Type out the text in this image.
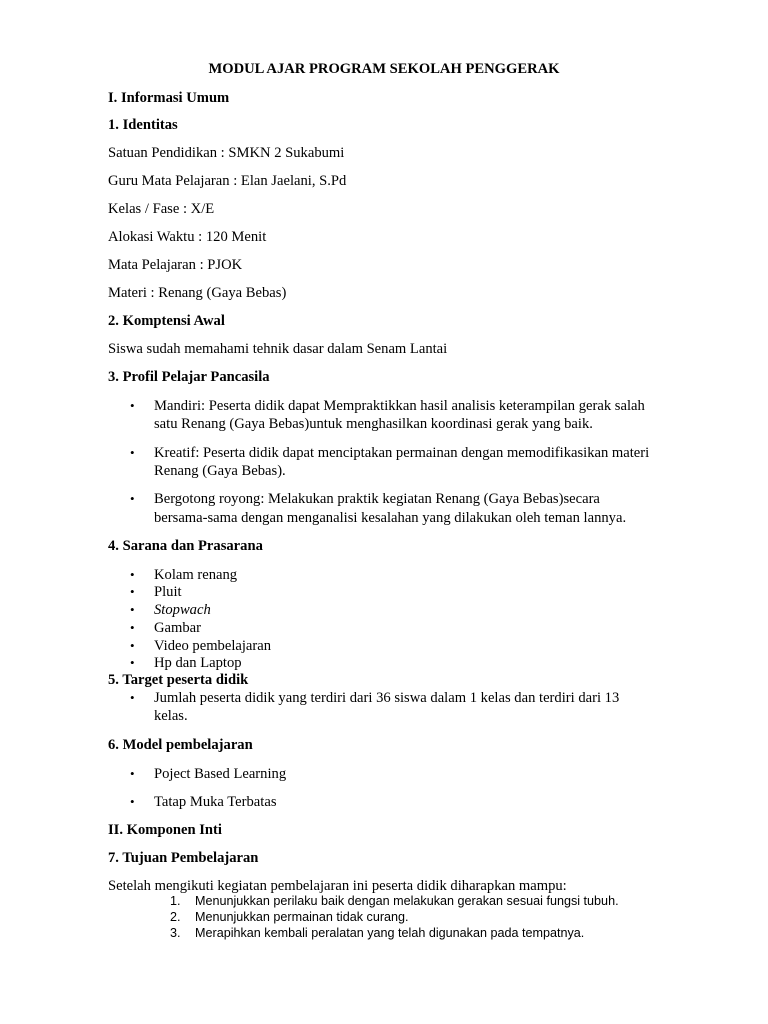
MODUL AJAR PROGRAM SEKOLAH PENGGERAK
I. Informasi Umum
1. Identitas
Satuan Pendidikan : SMKN 2 Sukabumi
Guru Mata Pelajaran : Elan Jaelani, S.Pd
Kelas / Fase : X/E
Alokasi Waktu : 120 Menit
Mata Pelajaran : PJOK
Materi : Renang (Gaya Bebas)
2. Komptensi Awal
Siswa sudah memahami tehnik dasar dalam Senam Lantai
3. Profil Pelajar Pancasila
•	Mandiri: Peserta didik dapat Mempraktikkan hasil analisis keterampilan gerak salah
satu Renang (Gaya Bebas)untuk menghasilkan koordinasi gerak yang baik.
•	Kreatif: Peserta didik dapat menciptakan permainan dengan memodifikasikan materi
Renang (Gaya Bebas).
•	Bergotong royong: Melakukan praktik kegiatan Renang (Gaya Bebas)secara
bersama-sama dengan menganalisi kesalahan yang dilakukan oleh teman lannya.
4. Sarana dan Prasarana
•	Kolam renang
•	Pluit
•	Stopwach
•	Gambar
•	Video pembelajaran
•	Hp dan Laptop
5. Target peserta didik
•	Jumlah peserta didik yang terdiri dari 36 siswa dalam 1 kelas dan terdiri dari 13
kelas.
6. Model pembelajaran
•	Poject Based Learning
•	Tatap Muka Terbatas
II. Komponen Inti
7. Tujuan Pembelajaran
Setelah mengikuti kegiatan pembelajaran ini peserta didik diharapkan mampu:
1. Menunjukkan perilaku baik dengan melakukan gerakan sesuai fungsi tubuh.
2. Menunjukkan permainan tidak curang.
3. Merapihkan kembali peralatan yang telah digunakan pada tempatnya.
